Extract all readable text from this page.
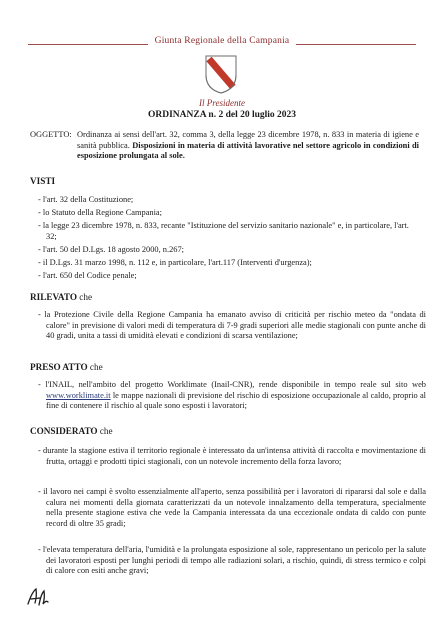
Giunta Regionale della Campania
Il Presidente
ORDINANZA n. 2 del 20 luglio 2023
OGGETTO: Ordinanza ai sensi dell'art. 32, comma 3, della legge 23 dicembre 1978, n. 833 in materia di igiene e sanità pubblica. Disposizioni in materia di attività lavorative nel settore agricolo in condizioni di esposizione prolungata al sole.

VISTI
- l'art. 32 della Costituzione;
- lo Statuto della Regione Campania;
- la legge 23 dicembre 1978, n. 833, recante "Istituzione del servizio sanitario nazionale" e, in particolare, l'art. 32;
- l'art. 50 del D.Lgs. 18 agosto 2000, n.267;
- il D.Lgs. 31 marzo 1998, n. 112 e, in particolare, l'art.117 (Interventi d'urgenza);
- l'art. 650 del Codice penale;
RILEVATO che

- la Protezione Civile della Regione Campania ha emanato avviso di criticità per rischio meteo da "ondata di calore" in previsione di valori medi di temperatura di 7-9 gradi superiori alle medie stagionali con punte anche di 40 gradi, unita a tassi di umidità elevati e condizioni di scarsa ventilazione;

PRESO ATTO che

- l'INAIL, nell'ambito del progetto Worklimate (Inail-CNR), rende disponibile in tempo reale sul sito web www.worklimate.it le mappe nazionali di previsione del rischio di esposizione occupazionale al caldo, proprio al fine di contenere il rischio al quale sono esposti i lavoratori;

CONSIDERATO che

- durante la stagione estiva il territorio regionale è interessato da un'intensa attività di raccolta e movimentazione di frutta, ortaggi e prodotti tipici stagionali, con un notevole incremento della forza lavoro;

- il lavoro nei campi è svolto essenzialmente all'aperto, senza possibilità per i lavoratori di ripararsi dal sole e dalla calura nei momenti della giornata caratterizzati da un notevole innalzamento della temperatura, specialmente nella presente stagione estiva che vede la Campania interessata da una eccezionale ondata di caldo con punte record di oltre 35 gradi;

- l'elevata temperatura dell'aria, l'umidità e la prolungata esposizione al sole, rappresentano un pericolo per la salute dei lavoratori esposti per lunghi periodi di tempo alle radiazioni solari, a rischio, quindi, di stress termico e colpi di calore con esiti anche gravi;
